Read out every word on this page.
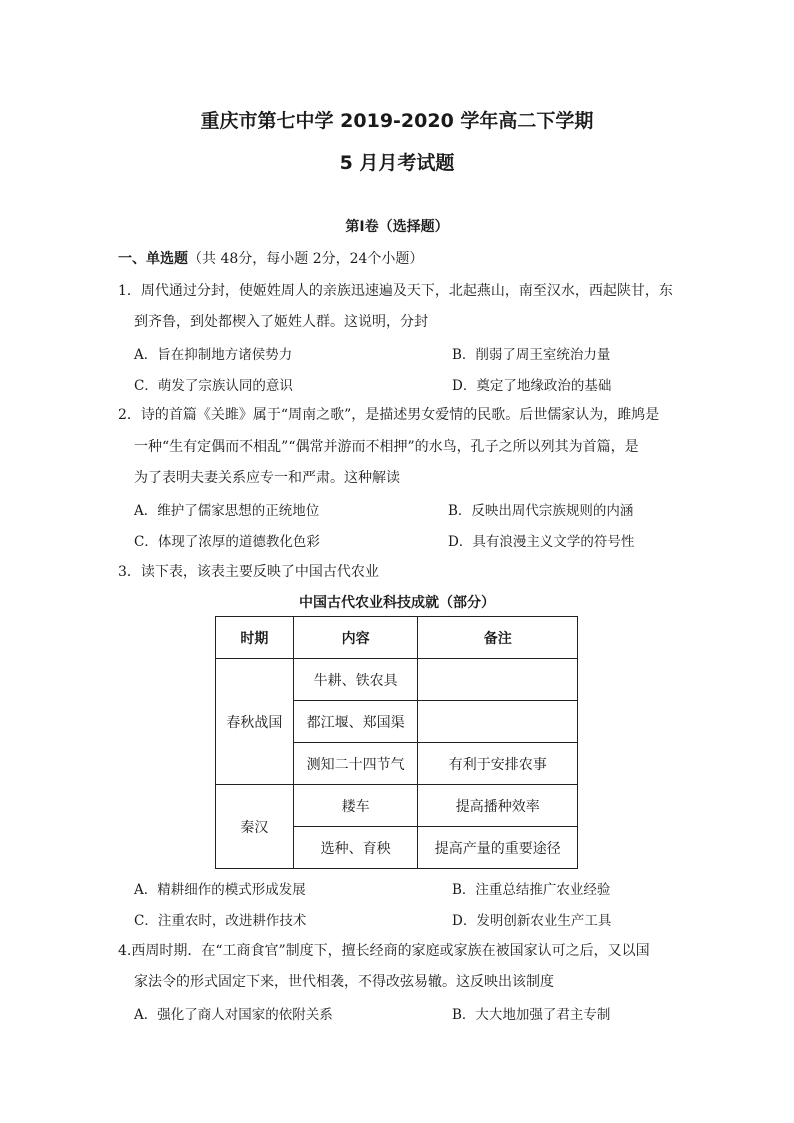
重庆市第七中学 2019-2020 学年高二下学期
5 月月考试题
第Ⅰ卷（选择题）
一、单选题（共 48分，每小题 2分，24个小题）
1．周代通过分封，使姬姓周人的亲族迅速遍及天下，北起燕山，南至汉水，西起陕甘，东
到齐鲁，到处都楔入了姬姓人群。这说明，分封
A．旨在抑制地方诸侯势力	B．削弱了周王室统治力量
C．萌发了宗族认同的意识	D．奠定了地缘政治的基础
2．诗的首篇《关雎》属于“周南之歌”，是描述男女爱情的民歌。后世儒家认为，雎鸠是
一种“生有定偶而不相乱”“偶常并游而不相押”的水鸟，孔子之所以列其为首篇，是
为了表明夫妻关系应专一和严肃。这种解读
A．维护了儒家思想的正统地位	B．反映出周代宗族规则的内涵
C．体现了浓厚的道德教化色彩	D．具有浪漫主义文学的符号性
3．读下表，该表主要反映了中国古代农业
中国古代农业科技成就（部分）
时期	内容	备注
春秋战国	牛耕、铁农具	
	都江堰、郑国渠	
	测知二十四节气	有利于安排农事
秦汉	耧车	提高播种效率
	选种、育秧	提高产量的重要途径
A．精耕细作的模式形成发展	B．注重总结推广农业经验
C．注重农时，改进耕作技术	D．发明创新农业生产工具
4.西周时期．在“工商食官”制度下，擅长经商的家庭或家族在被国家认可之后，又以国
家法令的形式固定下来，世代相袭，不得改弦易辙。这反映出该制度
A．强化了商人对国家的依附关系	B．大大地加强了君主专制
